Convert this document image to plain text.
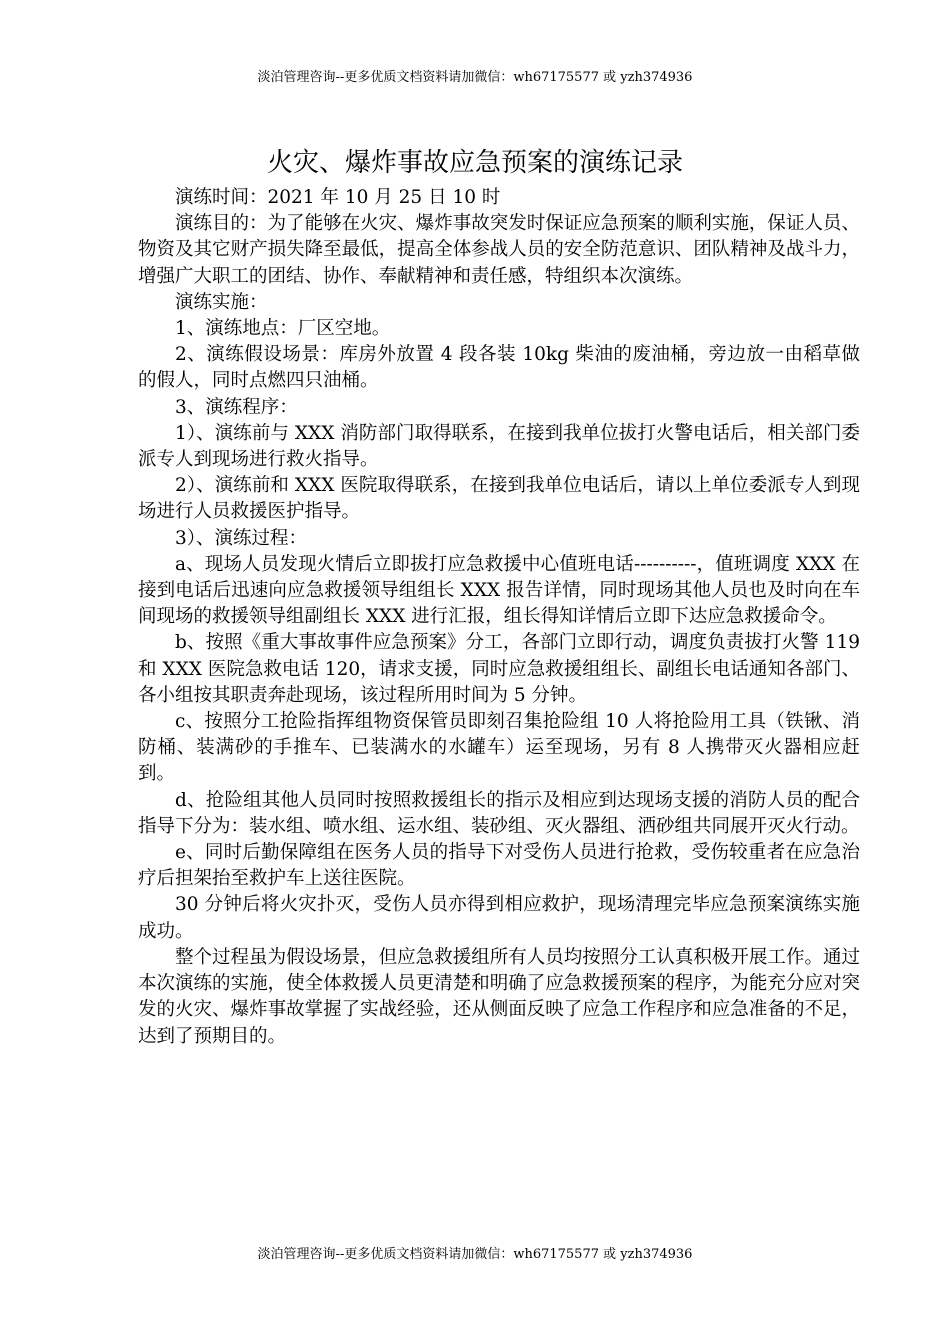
淡泊管理咨询--更多优质文档资料请加微信：wh67175577 或 yzh374936
火灾、爆炸事故应急预案的演练记录

演练时间：2021 年 10 月 25 日 10 时

演练目的：为了能够在火灾、爆炸事故突发时保证应急预案的顺利实施，保证人员、物资及其它财产损失降至最低，提高全体参战人员的安全防范意识、团队精神及战斗力，增强广大职工的团结、协作、奉献精神和责任感，特组织本次演练。

演练实施：

1、演练地点：厂区空地。

2、演练假设场景：库房外放置 4 段各装 10kg 柴油的废油桶，旁边放一由稻草做的假人，同时点燃四只油桶。

3、演练程序：

1）、演练前与 XXX 消防部门取得联系，在接到我单位拔打火警电话后，相关部门委派专人到现场进行救火指导。

2）、演练前和 XXX 医院取得联系，在接到我单位电话后，请以上单位委派专人到现场进行人员救援医护指导。

3）、演练过程：

a、现场人员发现火情后立即拔打应急救援中心值班电话----------，值班调度 XXX 在接到电话后迅速向应急救援领导组组长 XXX 报告详情，同时现场其他人员也及时向在车间现场的救援领导组副组长 XXX 进行汇报，组长得知详情后立即下达应急救援命令。

b、按照《重大事故事件应急预案》分工，各部门立即行动，调度负责拔打火警 119 和 XXX 医院急救电话 120，请求支援，同时应急救援组组长、副组长电话通知各部门、各小组按其职责奔赴现场，该过程所用时间为 5 分钟。

c、按照分工抢险指挥组物资保管员即刻召集抢险组 10 人将抢险用工具（铁锹、消防桶、装满砂的手推车、已装满水的水罐车）运至现场，另有 8 人携带灭火器相应赶到。

d、抢险组其他人员同时按照救援组长的指示及相应到达现场支援的消防人员的配合指导下分为：装水组、喷水组、运水组、装砂组、灭火器组、洒砂组共同展开灭火行动。

e、同时后勤保障组在医务人员的指导下对受伤人员进行抢救，受伤较重者在应急治疗后担架抬至救护车上送往医院。

30 分钟后将火灾扑灭，受伤人员亦得到相应救护，现场清理完毕应急预案演练实施成功。

整个过程虽为假设场景，但应急救援组所有人员均按照分工认真积极开展工作。通过本次演练的实施，使全体救援人员更清楚和明确了应急救援预案的程序，为能充分应对突发的火灾、爆炸事故掌握了实战经验，还从侧面反映了应急工作程序和应急准备的不足，达到了预期目的。

淡泊管理咨询--更多优质文档资料请加微信：wh67175577 或 yzh374936
